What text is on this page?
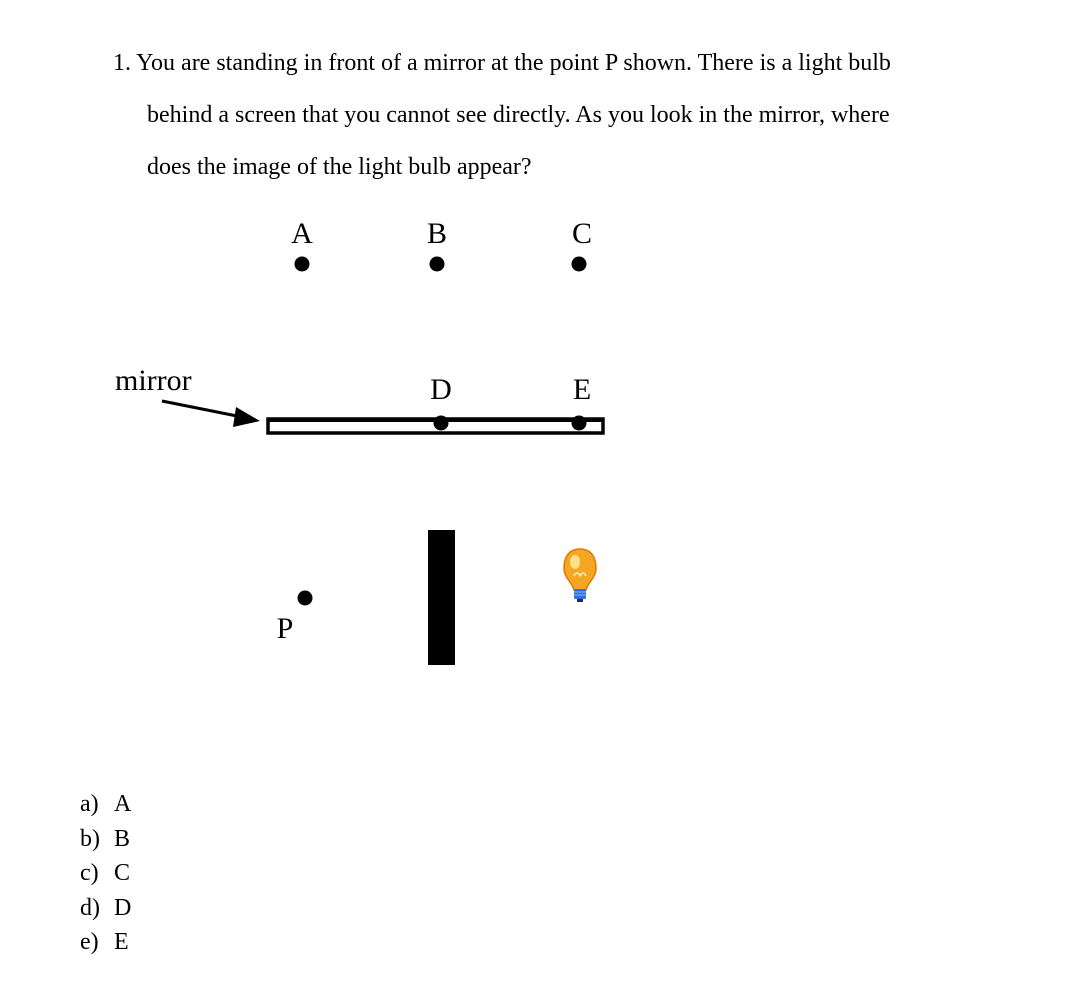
1. You are standing in front of a mirror at the point P shown. There is a light bulb
behind a screen that you cannot see directly. As you look in the mirror, where
does the image of the light bulb appear?
A	B	C
mirror	D	E
P
a) A
b) B
c) C
d) D
e) E
